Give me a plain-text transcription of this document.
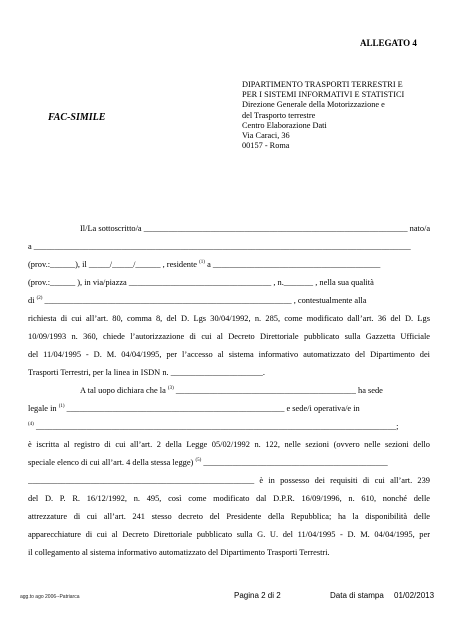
ALLEGATO 4
DIPARTIMENTO TRASPORTI TERRESTRI E
PER I SISTEMI INFORMATIVI E STATISTICI
Direzione Generale della Motorizzazione e
del Trasporto terrestre
Centro Elaborazione Dati
Via Caraci, 36
00157 - Roma
FAC-SIMILE
Il/La sottoscritto/a _______________________________________________________________ nato/a
a __________________________________________________________________________________________
(prov.:______), il _____/_____/______ , residente $^{(1)}$ a ________________________________________
(prov.:______ ), in via/piazza __________________________________ , n._______ , nella sua qualità
di $^{(2)}$ ___________________________________________________________ , contestualmente alla
richiesta di cui all’art. 80, comma 8, del D. Lgs 30/04/1992, n. 285, come modificato dall’art. 36 del D. Lgs
10/09/1993 n. 360, chiede l’autorizzazione di cui al Decreto Direttoriale pubblicato sulla Gazzetta Ufficiale
del 11/04/1995 - D. M. 04/04/1995, per l’accesso al sistema informativo automatizzato del Dipartimento dei
Trasporti Terrestri, per la linea in ISDN n. ______________________.
A tal uopo dichiara che la $^{(3)}$ ___________________________________________ ha sede
legale in $^{(1)}$ ____________________________________________________ e sede/i operativa/e in
$^{(4)}$ ______________________________________________________________________________________;
è iscritta al registro di cui all’art. 2 della Legge 05/02/1992 n. 122, nelle sezioni (ovvero nelle sezioni dello
speciale elenco di cui all’art. 4 della stessa legge) $^{(5)}$ ____________________________________________
______________________________________________________ è in possesso dei requisiti di cui all’art. 239
del D. P. R. 16/12/1992, n. 495, così come modificato dal D.P.R. 16/09/1996, n. 610, nonché delle
attrezzature di cui all’art. 241 stesso decreto del Presidente della Repubblica; ha la disponibilità delle
apparecchiature di cui al Decreto Direttoriale pubblicato sulla G. U. del 11/04/1995 - D. M. 04/04/1995, per
il collegamento al sistema informativo automatizzato del Dipartimento Trasporti Terrestri.
agg.to ago 2006--Patriarca	Pagina 2 di 2	Data di stampa 01/02/2013
